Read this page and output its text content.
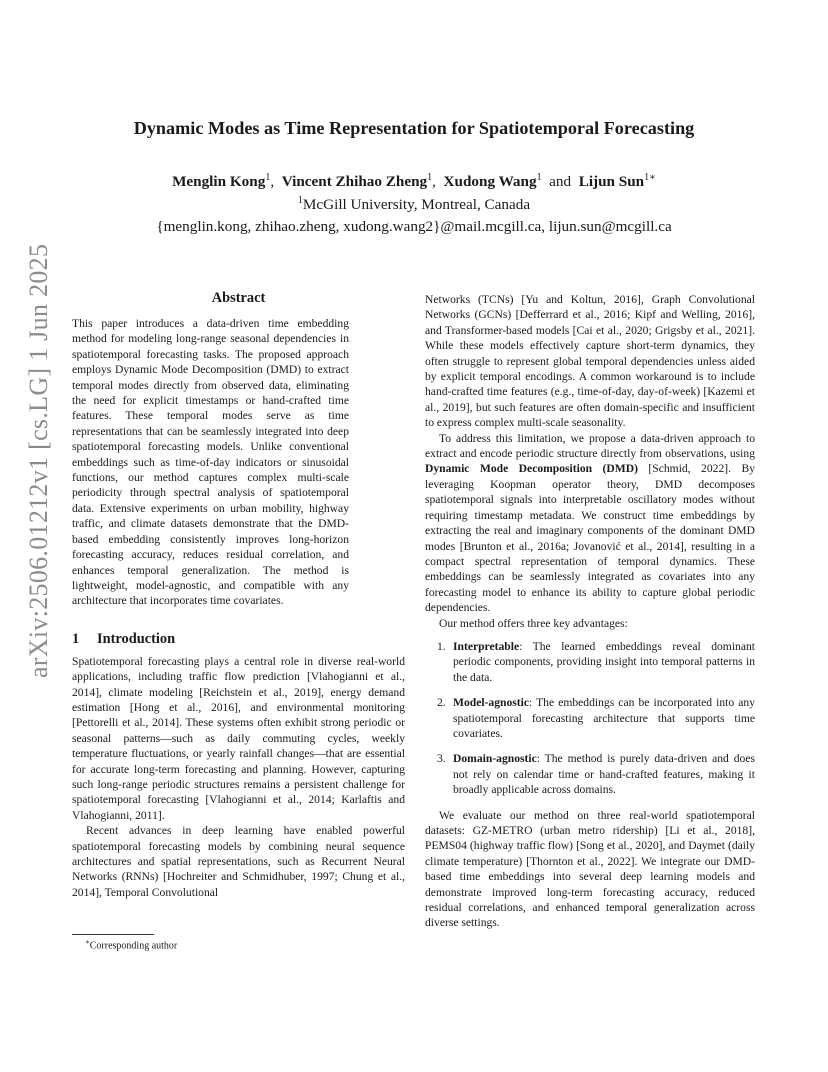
arXiv:2506.01212v1 [cs.LG] 1 Jun 2025
Dynamic Modes as Time Representation for Spatiotemporal Forecasting
Menglin Kong$^1$,  Vincent Zhihao Zheng$^1$,  Xudong Wang$^1$ and Lijun Sun$^{1∗}$
$^1$McGill University, Montreal, Canada
{menglin.kong, zhihao.zheng, xudong.wang2}@mail.mcgill.ca, lijun.sun@mcgill.ca
Abstract

This paper introduces a data-driven time embedding method for modeling long-range seasonal dependencies in spatiotemporal forecasting tasks. The proposed approach employs Dynamic Mode Decomposition (DMD) to extract temporal modes directly from observed data, eliminating the need for explicit timestamps or hand-crafted time features. These temporal modes serve as time representations that can be seamlessly integrated into deep spatiotemporal forecasting models. Unlike conventional embeddings such as time-of-day indicators or sinusoidal functions, our method captures complex multi-scale periodicity through spectral analysis of spatiotemporal data. Extensive experiments on urban mobility, highway traffic, and climate datasets demonstrate that the DMD-based embedding consistently improves long-horizon forecasting accuracy, reduces residual correlation, and enhances temporal generalization. The method is lightweight, model-agnostic, and compatible with any architecture that incorporates time covariates.

1 Introduction

Spatiotemporal forecasting plays a central role in diverse real-world applications, including traffic flow prediction [Vlahogianni et al., 2014], climate modeling [Reichstein et al., 2019], energy demand estimation [Hong et al., 2016], and environmental monitoring [Pettorelli et al., 2014]. These systems often exhibit strong periodic or seasonal patterns—such as daily commuting cycles, weekly temperature fluctuations, or yearly rainfall changes—that are essential for accurate long-term forecasting and planning. However, capturing such long-range periodic structures remains a persistent challenge for spatiotemporal forecasting [Vlahogianni et al., 2014; Karlaftis and Vlahogianni, 2011].

Recent advances in deep learning have enabled powerful spatiotemporal forecasting models by combining neural sequence architectures and spatial representations, such as Recurrent Neural Networks (RNNs) [Hochreiter and Schmidhuber, 1997; Chung et al., 2014], Temporal Convolutional

Networks (TCNs) [Yu and Koltun, 2016], Graph Convolutional Networks (GCNs) [Defferrard et al., 2016; Kipf and Welling, 2016], and Transformer-based models [Cai et al., 2020; Grigsby et al., 2021]. While these models effectively capture short-term dynamics, they often struggle to represent global temporal dependencies unless aided by explicit temporal encodings. A common workaround is to include hand-crafted time features (e.g., time-of-day, day-of-week) [Kazemi et al., 2019], but such features are often domain-specific and insufficient to express complex multi-scale seasonality.

To address this limitation, we propose a data-driven approach to extract and encode periodic structure directly from observations, using Dynamic Mode Decomposition (DMD) [Schmid, 2022]. By leveraging Koopman operator theory, DMD decomposes spatiotemporal signals into interpretable oscillatory modes without requiring timestamp metadata. We construct time embeddings by extracting the real and imaginary components of the dominant DMD modes [Brunton et al., 2016a; Jovanović et al., 2014], resulting in a compact spectral representation of temporal dynamics. These embeddings can be seamlessly integrated as covariates into any forecasting model to enhance its ability to capture global periodic dependencies.

Our method offers three key advantages:

1. Interpretable: The learned embeddings reveal dominant periodic components, providing insight into temporal patterns in the data.
2. Model-agnostic: The embeddings can be incorporated into any spatiotemporal forecasting architecture that supports time covariates.
3. Domain-agnostic: The method is purely data-driven and does not rely on calendar time or hand-crafted features, making it broadly applicable across domains.

We evaluate our method on three real-world spatiotemporal datasets: GZ-METRO (urban metro ridership) [Li et al., 2018], PEMS04 (highway traffic flow) [Song et al., 2020], and Daymet (daily climate temperature) [Thornton et al., 2022]. We integrate our DMD-based time embeddings into several deep learning models and demonstrate improved long-term forecasting accuracy, reduced residual correlations, and enhanced temporal generalization across diverse settings.

∗Corresponding author
